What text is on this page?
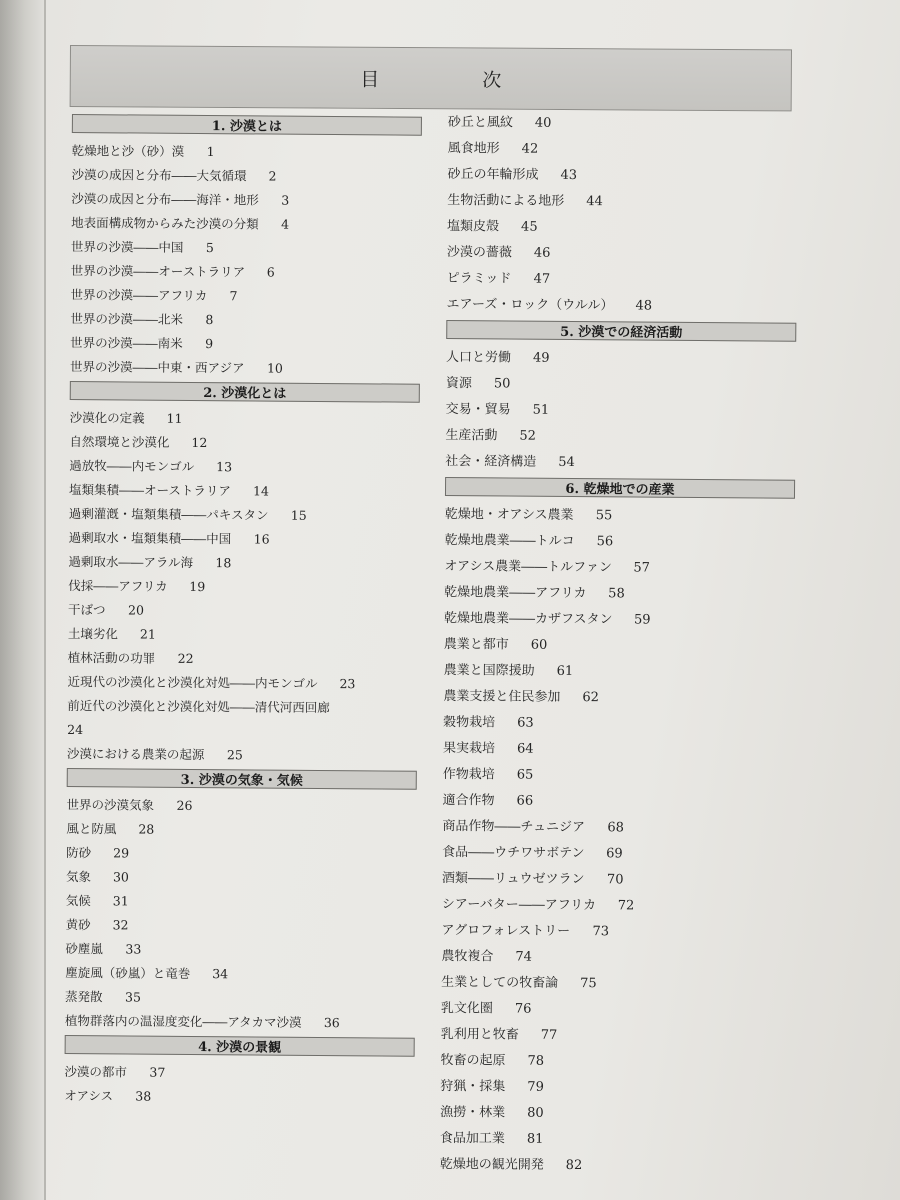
目　次
1. 沙漠とは
乾燥地と沙（砂）漠 1
沙漠の成因と分布――大気循環 2
沙漠の成因と分布――海洋・地形 3
地表面構成物からみた沙漠の分類 4
世界の沙漠――中国 5
世界の沙漠――オーストラリア 6
世界の沙漠――アフリカ 7
世界の沙漠――北米 8
世界の沙漠――南米 9
世界の沙漠――中東・西アジア 10
2. 沙漠化とは
沙漠化の定義 11
自然環境と沙漠化 12
過放牧――内モンゴル 13
塩類集積――オーストラリア 14
過剰灌漑・塩類集積――パキスタン 15
過剰取水・塩類集積――中国 16
過剰取水――アラル海 18
伐採――アフリカ 19
干ばつ 20
土壌劣化 21
植林活動の功罪 22
近現代の沙漠化と沙漠化対処――内モンゴル 23
前近代の沙漠化と沙漠化対処――清代河西回廊
24
沙漠における農業の起源 25
3. 沙漠の気象・気候
世界の沙漠気象 26
風と防風 28
防砂 29
気象 30
気候 31
黄砂 32
砂塵嵐 33
塵旋風（砂嵐）と竜巻 34
蒸発散 35
植物群落内の温湿度変化――アタカマ沙漠 36
4. 沙漠の景観
沙漠の都市 37
オアシス 38
砂丘と風紋 40
風食地形 42
砂丘の年輪形成 43
生物活動による地形 44
塩類皮殻 45
沙漠の薔薇 46
ピラミッド 47
エアーズ・ロック（ウルル） 48
5. 沙漠での経済活動
人口と労働 49
資源 50
交易・貿易 51
生産活動 52
社会・経済構造 54
6. 乾燥地での産業
乾燥地・オアシス農業 55
乾燥地農業――トルコ 56
オアシス農業――トルファン 57
乾燥地農業――アフリカ 58
乾燥地農業――カザフスタン 59
農業と都市 60
農業と国際援助 61
農業支援と住民参加 62
穀物栽培 63
果実栽培 64
作物栽培 65
適合作物 66
商品作物――チュニジア 68
食品――ウチワサボテン 69
酒類――リュウゼツラン 70
シアーバター――アフリカ 72
アグロフォレストリー 73
農牧複合 74
生業としての牧畜論 75
乳文化圏 76
乳利用と牧畜 77
牧畜の起原 78
狩猟・採集 79
漁撈・林業 80
食品加工業 81
乾燥地の観光開発 82
